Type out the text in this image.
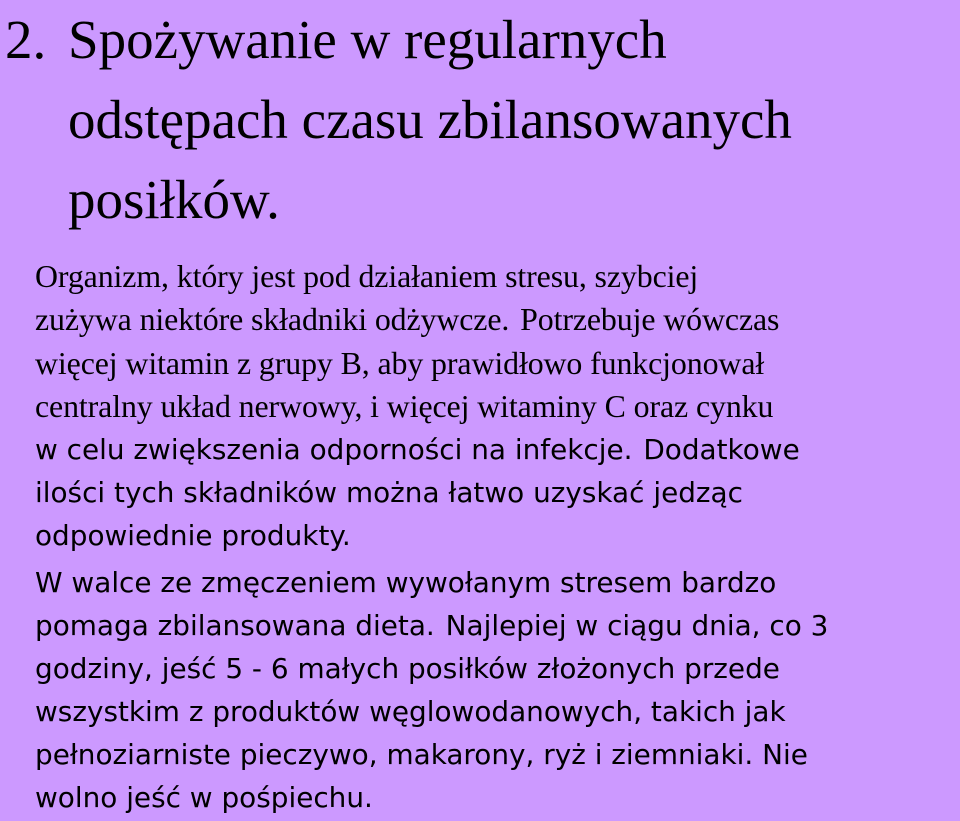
2. Spożywanie w regularnych
odstępach czasu zbilansowanych
posiłków.

Organizm, który jest pod działaniem stresu, szybciej
zużywa niektóre składniki odżywcze. Potrzebuje wówczas
więcej witamin z grupy B, aby prawidłowo funkcjonował
centralny układ nerwowy, i więcej witaminy C oraz cynku
w celu zwiększenia odporności na infekcje. Dodatkowe
ilości tych składników można łatwo uzyskać jedząc
odpowiednie produkty.

W walce ze zmęczeniem wywołanym stresem bardzo
pomaga zbilansowana dieta. Najlepiej w ciągu dnia, co 3
godziny, jeść 5 - 6 małych posiłków złożonych przede
wszystkim z produktów węglowodanowych, takich jak
pełnoziarniste pieczywo, makarony, ryż i ziemniaki. Nie
wolno jeść w pośpiechu.
